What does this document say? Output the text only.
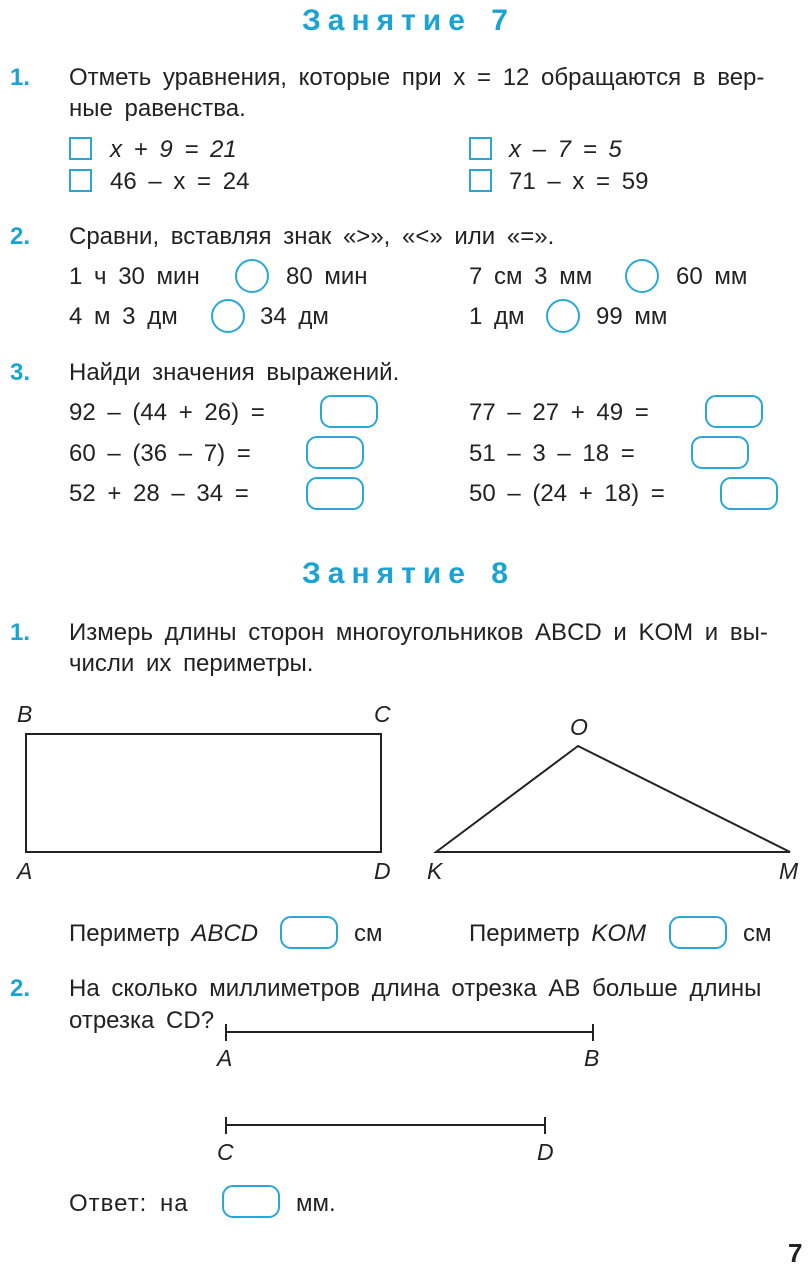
Занятие 7
1. Отметь уравнения, которые при x = 12 обращаются в вер-
ные равенства.
x + 9 = 21	x – 7 = 5
46 – x = 24	71 – x = 59
2. Сравни, вставляя знак «>», «<» или «=».
1 ч 30 мин	80 мин	7 см 3 мм	60 мм
4 м 3 дм	34 дм	1 дм	99 мм
3. Найди значения выражений.
92 – (44 + 26) =	77 – 27 + 49 =
60 – (36 – 7) =	51 – 3 – 18 =
52 + 28 – 34 =	50 – (24 + 18) =
Занятие 8
1. Измерь длины сторон многоугольников ABCD и KOM и вы-
числи их периметры.
B	C
A	D
O
K	M
Периметр ABCD	см	Периметр KOM	см
2. На сколько миллиметров длина отрезка AB больше длины
отрезка CD?
A	B
C	D
Ответ: на	мм.
7
